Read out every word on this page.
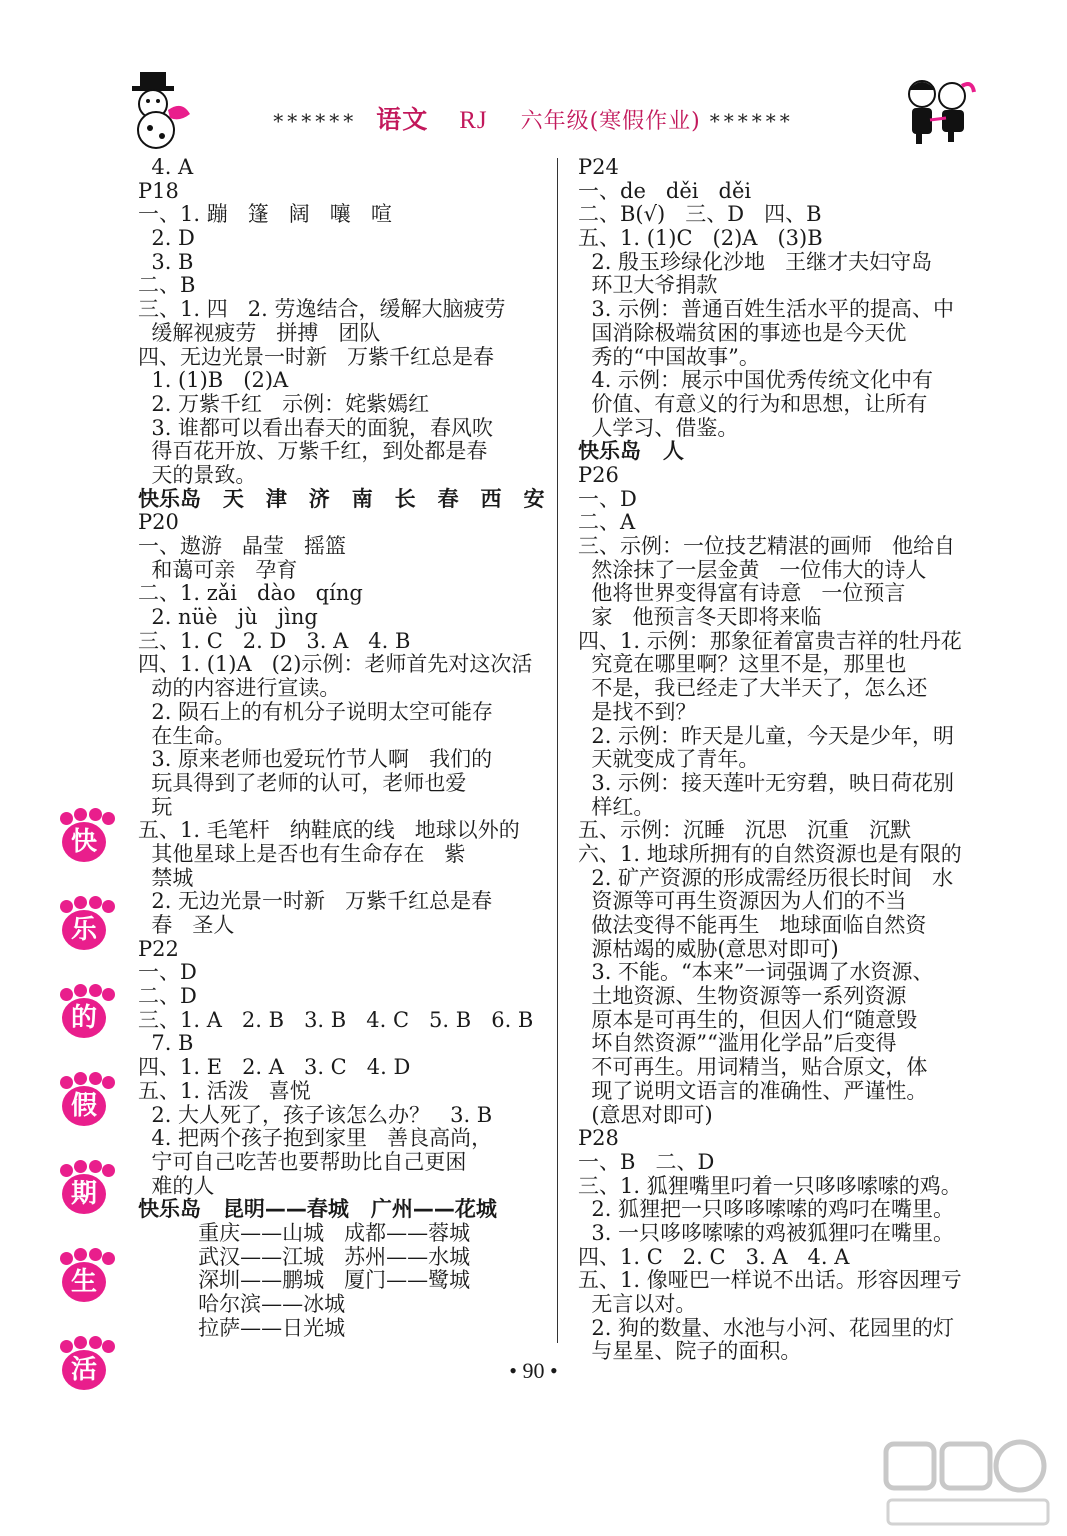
****** 语文 RJ 六年级(寒假作业) ******
4. A
P18
一、1. 蹦   篷   阔   嚷   喧
2. D
3. B
二、B
三、1. 四   2. 劳逸结合，缓解大脑疲劳
缓解视疲劳   拼搏   团队
四、无边光景一时新   万紫千红总是春
1. (1)B   (2)A
2. 万紫千红   示例：姹紫嫣红
3. 谁都可以看出春天的面貌，春风吹
得百花开放、万紫千红，到处都是春
天的景致。
快乐岛   天   津   济   南   长   春   西   安
P20
一、遨游   晶莹   摇篮
和蔼可亲   孕育
二、1. zǎi   dào   qíng
2. nüè   jù   jìng
三、1. C   2. D   3. A   4. B
四、1. (1)A   (2)示例：老师首先对这次活
动的内容进行宣读。
2. 陨石上的有机分子说明太空可能存
在生命。
3. 原来老师也爱玩竹节人啊   我们的
玩具得到了老师的认可，老师也爱
玩
五、1. 毛笔杆   纳鞋底的线   地球以外的
其他星球上是否也有生命存在   紫
禁城
2. 无边光景一时新   万紫千红总是春
春   圣人
P22
一、D
二、D
三、1. A   2. B   3. B   4. C   5. B   6. B
7. B
四、1. E   2. A   3. C   4. D
五、1. 活泼   喜悦
2. 大人死了，孩子该怎么办？   3. B
4. 把两个孩子抱到家里   善良高尚，
宁可自己吃苦也要帮助比自己更困
难的人
快乐岛   昆明——春城   广州——花城
重庆——山城   成都——蓉城
武汉——江城   苏州——水城
深圳——鹏城   厦门——鹭城
哈尔滨——冰城
拉萨——日光城
P24
一、de   děi   děi
二、B(√)   三、D   四、B
五、1. (1)C   (2)A   (3)B
2. 殷玉珍绿化沙地   王继才夫妇守岛
环卫大爷捐款
3. 示例：普通百姓生活水平的提高、中
国消除极端贫困的事迹也是今天优
秀的“中国故事”。
4. 示例：展示中国优秀传统文化中有
价值、有意义的行为和思想，让所有
人学习、借鉴。
快乐岛   人
P26
一、D
二、A
三、示例：一位技艺精湛的画师   他给自
然涂抹了一层金黄   一位伟大的诗人
他将世界变得富有诗意   一位预言
家   他预言冬天即将来临
四、1. 示例：那象征着富贵吉祥的牡丹花
究竟在哪里啊？这里不是，那里也
不是，我已经走了大半天了，怎么还
是找不到？
2. 示例：昨天是儿童，今天是少年，明
天就变成了青年。
3. 示例：接天莲叶无穷碧，映日荷花别
样红。
五、示例：沉睡   沉思   沉重   沉默
六、1. 地球所拥有的自然资源也是有限的
2. 矿产资源的形成需经历很长时间   水
资源等可再生资源因为人们的不当
做法变得不能再生   地球面临自然资
源枯竭的威胁(意思对即可)
3. 不能。“本来”一词强调了水资源、
土地资源、生物资源等一系列资源
原本是可再生的，但因人们“随意毁
坏自然资源”“滥用化学品”后变得
不可再生。用词精当，贴合原文，体
现了说明文语言的准确性、严谨性。
(意思对即可)
P28
一、B   二、D
三、1. 狐狸嘴里叼着一只哆哆嗦嗦的鸡。
2. 狐狸把一只哆哆嗦嗦的鸡叼在嘴里。
3. 一只哆哆嗦嗦的鸡被狐狸叼在嘴里。
四、1. C   2. C   3. A   4. A
五、1. 像哑巴一样说不出话。形容因理亏
无言以对。
2. 狗的数量、水池与小河、花园里的灯
与星星、院子的面积。
快
乐
的
假
期
生
活	• 90 •
